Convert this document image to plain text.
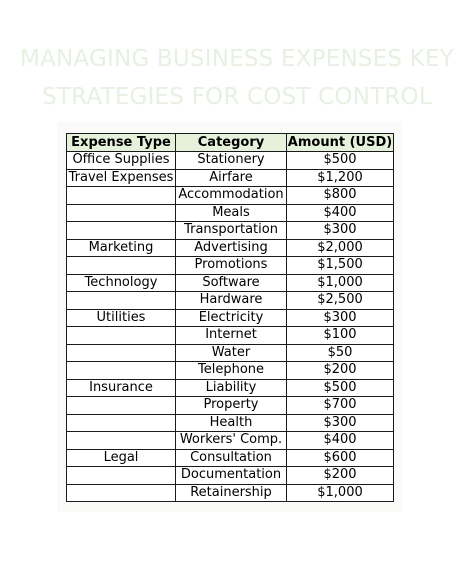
MANAGING BUSINESS EXPENSES KEY
STRATEGIES FOR COST CONTROL
Expense Type	Category	Amount (USD)
Office Supplies	Stationery	$500
Travel Expenses	Airfare	$1,200
	Accommodation	$800
	Meals	$400
	Transportation	$300
Marketing	Advertising	$2,000
	Promotions	$1,500
Technology	Software	$1,000
	Hardware	$2,500
Utilities	Electricity	$300
	Internet	$100
	Water	$50
	Telephone	$200
Insurance	Liability	$500
	Property	$700
	Health	$300
	Workers' Comp.	$400
Legal	Consultation	$600
	Documentation	$200
	Retainership	$1,000
